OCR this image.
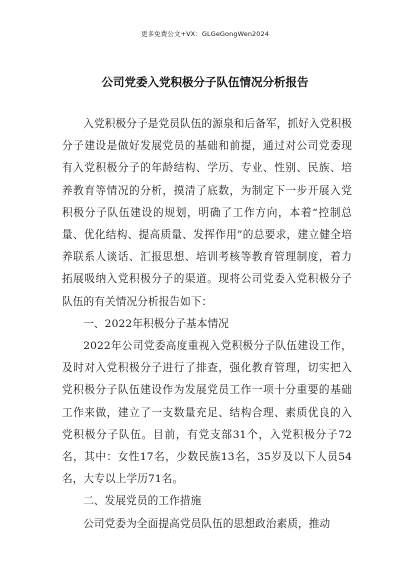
更多免费公文+VX：GLGeGongWen2024
公司党委入党积极分子队伍情况分析报告

入党积极分子是党员队伍的源泉和后备军，抓好入党积极分子建设是做好发展党员的基础和前提，通过对公司党委现有入党积极分子的年龄结构、学历、专业、性别、民族、培养教育等情况的分析，摸清了底数，为制定下一步开展入党积极分子队伍建设的规划，明确了工作方向，本着“控制总量、优化结构、提高质量、发挥作用”的总要求，建立健全培养联系人谈话、汇报思想、培训考核等教育管理制度，着力拓展吸纳入党积极分子的渠道。现将公司党委入党积极分子队伍的有关情况分析报告如下：

一、2022年积极分子基本情况

2022年公司党委高度重视入党积极分子队伍建设工作，及时对入党积极分子进行了排查，强化教育管理，切实把入党积极分子队伍建设作为发展党员工作一项十分重要的基础工作来做，建立了一支数量充足、结构合理、素质优良的入党积极分子队伍。目前，有党支部31个，入党积极分子72名，其中：女性17名，少数民族13名，35岁及以下人员54名，大专以上学历71名。

二、发展党员的工作措施

公司党委为全面提高党员队伍的思想政治素质，推动
